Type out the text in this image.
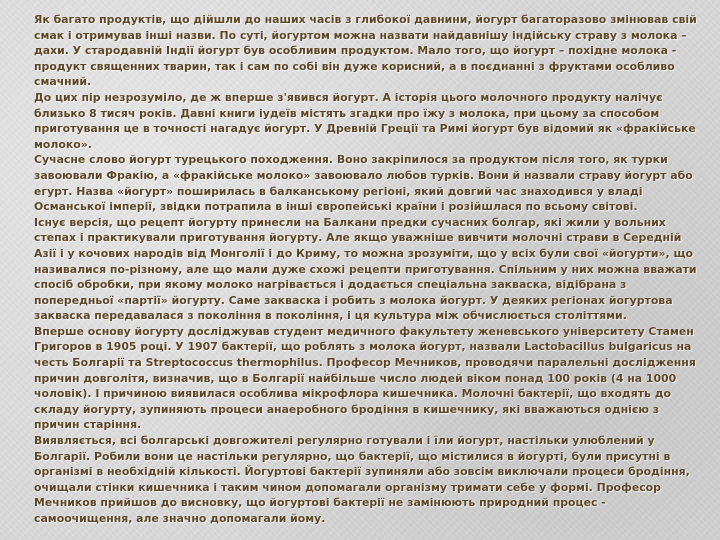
Як багато продуктів, що дійшли до наших часів з глибокої давнини, йогурт багаторазово змінював свій смак і отримував інші назви. По суті, йогуртом можна назвати найдавнішу індійську страву з молока – дахи. У стародавній Індії йогурт був особливим продуктом. Мало того, що йогурт – похідне молока - продукт священних тварин, так і сам по собі він дуже корисний, а в поєднанні з фруктами особливо смачний.

До цих пір незрозуміло, де ж вперше з'явився йогурт. А історія цього молочного продукту налічує близько 8 тисяч років. Давні книги іудеїв містять згадки про їжу з молока, при цьому за способом приготування це в точності нагадує йогурт. У Древній Греції та Римі йогурт був відомий як «фракійське молоко».

Сучасне слово йогурт турецького походження. Воно закріпилося за продуктом після того, як турки завоювали Фракію, а «фракійське молоко» завоювало любов турків. Вони й назвали страву йогурт або егурт. Назва «йогурт» поширилась в балканському регіоні, який довгий час знаходився у владі Османської імперії, звідки потрапила в інші європейські країни і розійшлася по всьому світові.

Існує версія, що рецепт йогурту принесли на Балкани предки сучасних болгар, які жили у вольних степах і практикували приготування йогурту. Але якщо уважніше вивчити молочні страви в Середній Азії і у кочових народів від Монголії і до Криму, то можна зрозуміти, що у всіх були свої «йогурти», що називалися по-різному, але що мали дуже схожі рецепти приготування. Спільним у них можна вважати спосіб обробки, при якому молоко нагрівається і додається спеціальна закваска, відібрана з попередньої «партії» йогурту. Саме закваска і робить з молока йогурт. У деяких регіонах йогуртова закваска передавалася з покоління в покоління, і ця культура між обчислюється століттями.

Вперше основу йогурту досліджував студент медичного факультету женевського університету Стамен Григоров в 1905 році. У 1907 бактерії, що роблять з молока йогурт, назвали Lactobacillus bulgaricus на честь Болгарії та Streptococcus thermophilus. Професор Мечников, проводячи паралельні дослідження причин довголітя, визначив, що в Болгарії найбільше число людей віком понад 100 років (4 на 1000 чоловік). І причиною виявилася особлива мікрофлора кишечника. Молочні бактерії, що входять до складу йогурту, зупиняють процеси анаеробного бродіння в кишечнику, які вважаються однією з причин старіння.

Виявляється, всі болгарські довгожителі регулярно готували і їли йогурт, настільки улюблений у Болгарії. Робили вони це настільки регулярно, що бактерії, що містилися в йогурті, були присутні в організмі в необхідній кількості. Йогуртові бактерії зупиняли або зовсім виключали процеси бродіння, очищали стінки кишечника і таким чином допомагали організму тримати себе у формі. Професор Мечников прийшов до висновку, що йогуртові бактерії не замінюють природний процес - самоочищення, але значно допомагали йому.
